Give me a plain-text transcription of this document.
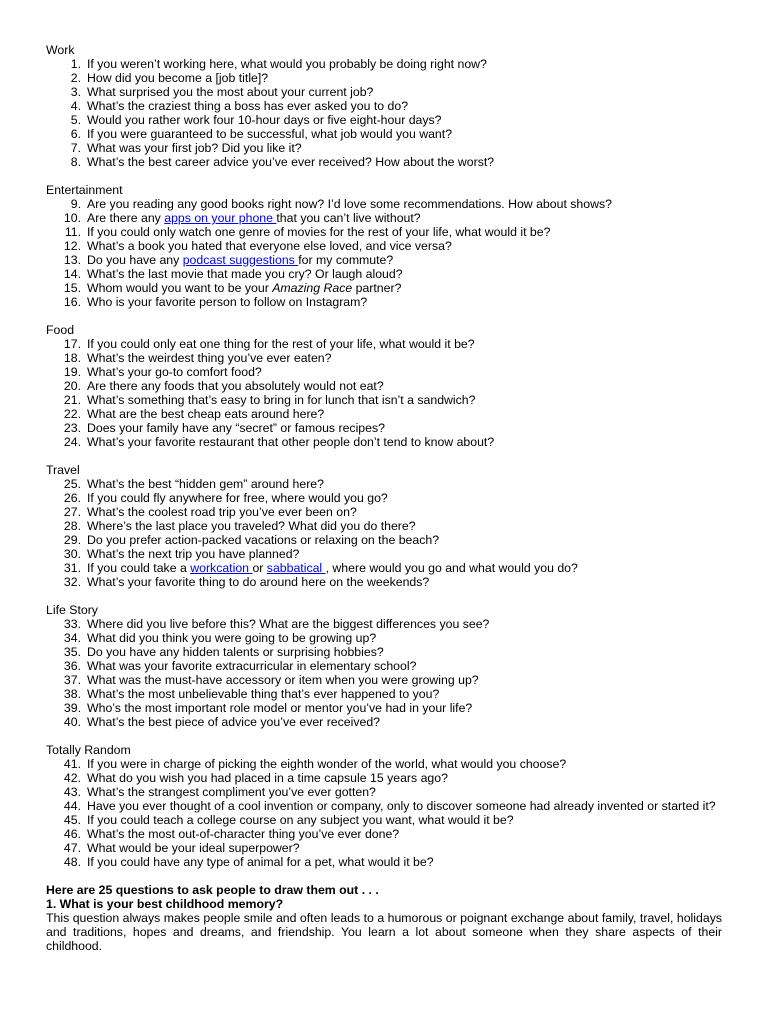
Work
1. If you weren’t working here, what would you probably be doing right now?
2. How did you become a [job title]?
3. What surprised you the most about your current job?
4. What’s the craziest thing a boss has ever asked you to do?
5. Would you rather work four 10-hour days or five eight-hour days?
6. If you were guaranteed to be successful, what job would you want?
7. What was your first job? Did you like it?
8. What’s the best career advice you’ve ever received? How about the worst?
Entertainment
9. Are you reading any good books right now? I’d love some recommendations. How about shows?
10. Are there any apps on your phone that you can’t live without?
11. If you could only watch one genre of movies for the rest of your life, what would it be?
12. What’s a book you hated that everyone else loved, and vice versa?
13. Do you have any podcast suggestions for my commute?
14. What’s the last movie that made you cry? Or laugh aloud?
15. Whom would you want to be your Amazing Race partner?
16. Who is your favorite person to follow on Instagram?
Food
17. If you could only eat one thing for the rest of your life, what would it be?
18. What’s the weirdest thing you’ve ever eaten?
19. What’s your go-to comfort food?
20. Are there any foods that you absolutely would not eat?
21. What’s something that’s easy to bring in for lunch that isn’t a sandwich?
22. What are the best cheap eats around here?
23. Does your family have any “secret” or famous recipes?
24. What’s your favorite restaurant that other people don’t tend to know about?
Travel
25. What’s the best “hidden gem” around here?
26. If you could fly anywhere for free, where would you go?
27. What’s the coolest road trip you’ve ever been on?
28. Where’s the last place you traveled? What did you do there?
29. Do you prefer action-packed vacations or relaxing on the beach?
30. What’s the next trip you have planned?
31. If you could take a workcation or sabbatical , where would you go and what would you do?
32. What’s your favorite thing to do around here on the weekends?
Life Story
33. Where did you live before this? What are the biggest differences you see?
34. What did you think you were going to be growing up?
35. Do you have any hidden talents or surprising hobbies?
36. What was your favorite extracurricular in elementary school?
37. What was the must-have accessory or item when you were growing up?
38. What’s the most unbelievable thing that’s ever happened to you?
39. Who’s the most important role model or mentor you’ve had in your life?
40. What’s the best piece of advice you’ve ever received?
Totally Random
41. If you were in charge of picking the eighth wonder of the world, what would you choose?
42. What do you wish you had placed in a time capsule 15 years ago?
43. What’s the strangest compliment you’ve ever gotten?
44. Have you ever thought of a cool invention or company, only to discover someone had already invented or started it?
45. If you could teach a college course on any subject you want, what would it be?
46. What’s the most out-of-character thing you’ve ever done?
47. What would be your ideal superpower?
48. If you could have any type of animal for a pet, what would it be?
Here are 25 questions to ask people to draw them out . . .
1. What is your best childhood memory?
This question always makes people smile and often leads to a humorous or poignant exchange about family, travel, holidays and traditions, hopes and dreams, and friendship. You learn a lot about someone when they share aspects of their childhood.
